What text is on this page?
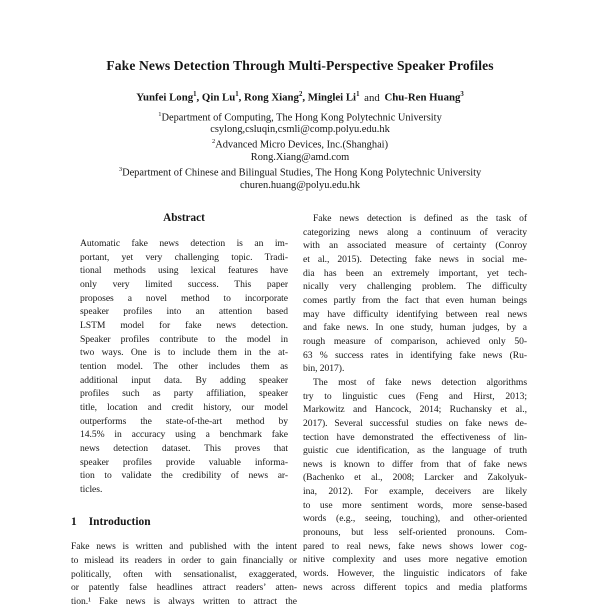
Fake News Detection Through Multi-Perspective Speaker Profiles
Yunfei Long$^1$, Qin Lu$^1$, Rong Xiang$^2$, Minglei Li$^1$ and Chu-Ren Huang$^3$
$^1$Department of Computing, The Hong Kong Polytechnic University
csylong,csluqin,csmli@comp.polyu.edu.hk
$^2$Advanced Micro Devices, Inc.(Shanghai)
Rong.Xiang@amd.com
$^3$Department of Chinese and Bilingual Studies, The Hong Kong Polytechnic University
churen.huang@polyu.edu.hk
Abstract
Automatic fake news detection is an im-
portant, yet very challenging topic. Tradi-
tional methods using lexical features have
only very limited success. This paper
proposes a novel method to incorporate
speaker profiles into an attention based
LSTM model for fake news detection.
Speaker profiles contribute to the model in
two ways. One is to include them in the at-
tention model. The other includes them as
additional input data. By adding speaker
profiles such as party affiliation, speaker
title, location and credit history, our model
outperforms the state-of-the-art method by
14.5% in accuracy using a benchmark fake
news detection dataset. This proves that
speaker profiles provide valuable informa-
tion to validate the credibility of news ar-
ticles.
1 Introduction
Fake news is written and published with the intent
to mislead its readers in order to gain financially or
politically, often with sensationalist, exaggerated,
or patently false headlines attract readers’ atten-
tion.¹ Fake news is always written to attract the
Fake news detection is defined as the task of
categorizing news along a continuum of veracity
with an associated measure of certainty (Conroy
et al., 2015). Detecting fake news in social me-
dia has been an extremely important, yet tech-
nically very challenging problem. The difficulty
comes partly from the fact that even human beings
may have difficulty identifying between real news
and fake news. In one study, human judges, by a
rough measure of comparison, achieved only 50-
63 % success rates in identifying fake news (Ru-
bin, 2017).
The most of fake news detection algorithms
try to linguistic cues (Feng and Hirst, 2013;
Markowitz and Hancock, 2014; Ruchansky et al.,
2017). Several successful studies on fake news de-
tection have demonstrated the effectiveness of lin-
guistic cue identification, as the language of truth
news is known to differ from that of fake news
(Bachenko et al., 2008; Larcker and Zakolyuk-
ina, 2012). For example, deceivers are likely
to use more sentiment words, more sense-based
words (e.g., seeing, touching), and other-oriented
pronouns, but less self-oriented pronouns. Com-
pared to real news, fake news shows lower cog-
nitive complexity and uses more negative emotion
words. However, the linguistic indicators of fake
news across different topics and media platforms
